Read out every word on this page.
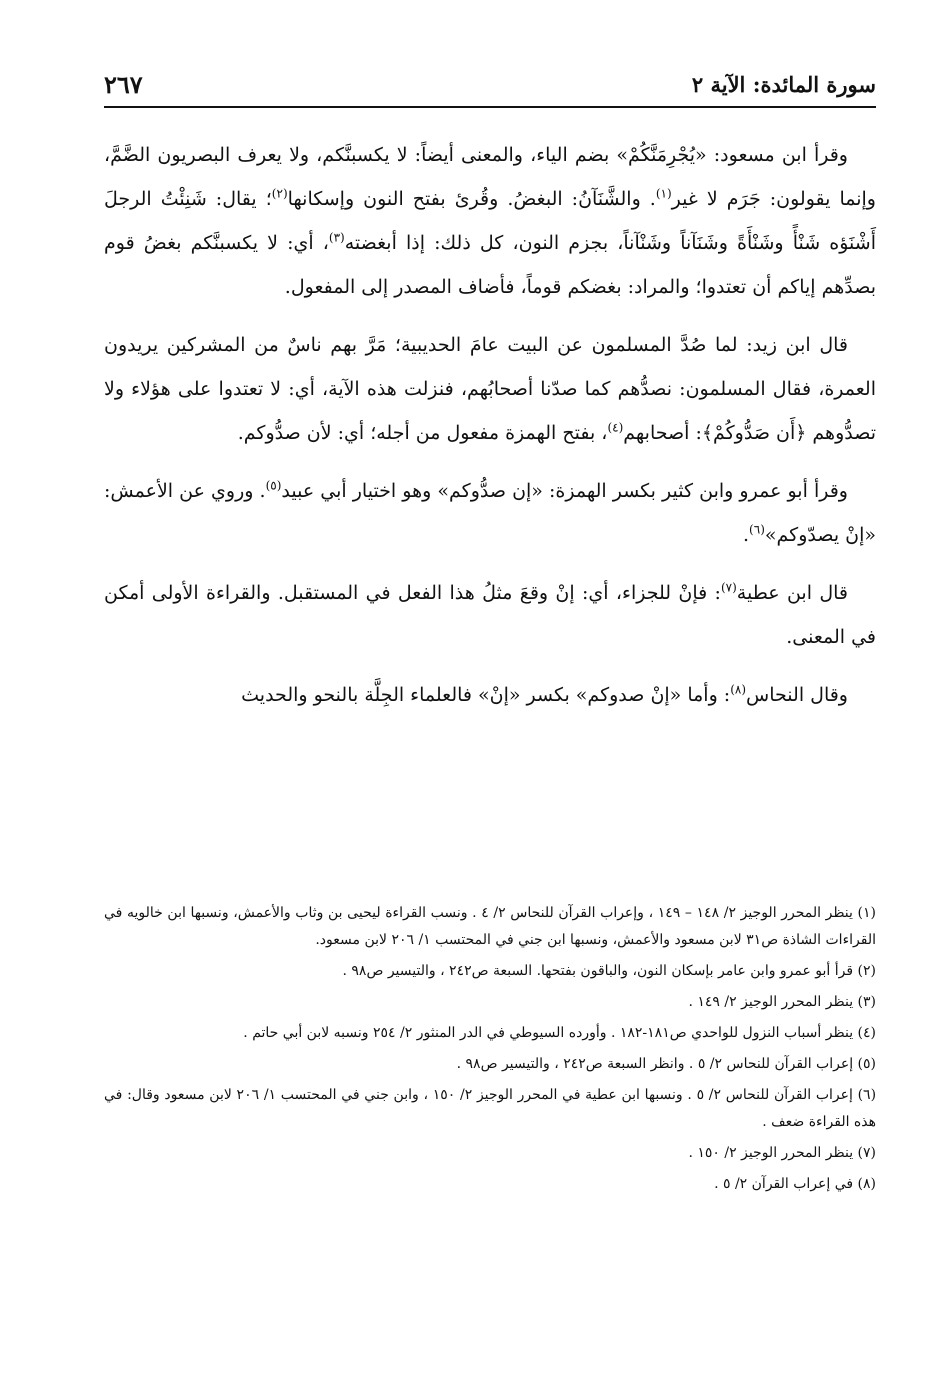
سورة المائدة: الآية ٢
٢٦٧

وقرأ ابن مسعود: «يُجْرِمَنَّكُمْ» بضم الياء، والمعنى أيضاً: لا يكسبنَّكم، ولا يعرف البصريون الضَّمَّ، وإنما يقولون: جَرَم لا غير$^{(١)}$. والشَّنَآنُ: البغضُ. وقُرئ بفتح النون وإسكانها$^{(٢)}$؛ يقال: شَنِئْتُ الرجلَ أَشْنَؤه شَنْأً وشَنْأَةً وشَنَآناً وشَنْآناً، بجزم النون، كل ذلك: إذا أبغضته$^{(٣)}$، أي: لا يكسبنَّكم بغضُ قوم بصدِّهم إياكم أن تعتدوا؛ والمراد: بغضكم قوماً، فأضاف المصدر إلى المفعول.

قال ابن زيد: لما صُدَّ المسلمون عن البيت عامَ الحديبية؛ مَرَّ بهم ناسٌ من المشركين يريدون العمرة، فقال المسلمون: نصدُّهم كما صدّنا أصحابُهم، فنزلت هذه الآية، أي: لا تعتدوا على هؤلاء ولا تصدُّوهم ﴿أَن صَدُّوكُمْ﴾: أصحابهم$^{(٤)}$، بفتح الهمزة مفعول من أجله؛ أي: لأن صدُّوكم.

وقرأ أبو عمرو وابن كثير بكسر الهمزة: «إن صدُّوكم» وهو اختيار أبي عبيد$^{(٥)}$. وروي عن الأعمش: «إنْ يصدّوكم»$^{(٦)}$.

قال ابن عطية$^{(٧)}$: فإنْ للجزاء، أي: إنْ وقعَ مثلُ هذا الفعل في المستقبل. والقراءة الأولى أمكن في المعنى.

وقال النحاس$^{(٨)}$: وأما «إنْ صدوكم» بكسر «إنْ» فالعلماء الجِلَّة بالنحو والحديث

(١) ينظر المحرر الوجيز ٢/ ١٤٨ – ١٤٩ ، وإعراب القرآن للنحاس ٢/ ٤ . ونسب القراءة ليحيى بن وثاب والأعمش، ونسبها ابن خالويه في القراءات الشاذة ص٣١ لابن مسعود والأعمش، ونسبها ابن جني في المحتسب ١/ ٢٠٦ لابن مسعود.
(٢) قرأ أبو عمرو وابن عامر بإسكان النون، والباقون بفتحها. السبعة ص٢٤٢ ، والتيسير ص٩٨ .
(٣) ينظر المحرر الوجيز ٢/ ١٤٩ .
(٤) ينظر أسباب النزول للواحدي ص١٨١-١٨٢ . وأورده السيوطي في الدر المنثور ٢/ ٢٥٤ ونسبه لابن أبي حاتم .
(٥) إعراب القرآن للنحاس ٢/ ٥ . وانظر السبعة ص٢٤٢ ، والتيسير ص٩٨ .
(٦) إعراب القرآن للنحاس ٢/ ٥ . ونسبها ابن عطية في المحرر الوجيز ٢/ ١٥٠ ، وابن جني في المحتسب ١/ ٢٠٦ لابن مسعود وقال: في هذه القراءة ضعف .
(٧) ينظر المحرر الوجيز ٢/ ١٥٠ .
(٨) في إعراب القرآن ٢/ ٥ .
